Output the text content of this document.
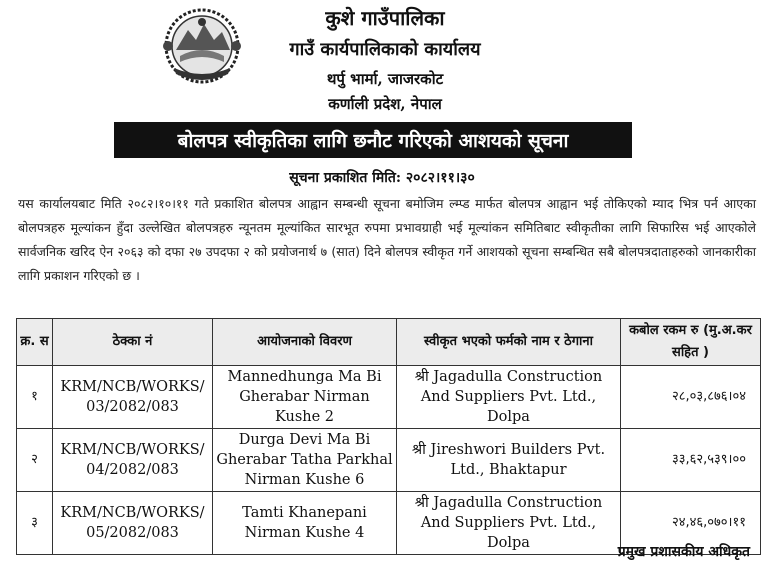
कुशे गाउँपालिका
गाउँ कार्यपालिकाको कार्यालय
थर्पु भार्मा, जाजरकोट
कर्णाली प्रदेश, नेपाल
बोलपत्र स्वीकृतिका लागि छनौट गरिएको आशयको सूचना
सूचना प्रकाशित मिति: २०८२।११।३०
यस कार्यालयबाट मिति २०८२।१०।११ गते प्रकाशित बोलपत्र आह्वान सम्बन्धी सूचना बमोजिम ल्म्प्ड मार्फत बोलपत्र आह्वान भई तोकिएको म्याद भित्र पर्न आएका बोलपत्रहरु मूल्यांकन हुँदा उल्लेखित बोलपत्रहरु न्यूनतम मूल्यांकित सारभूत रुपमा प्रभावग्राही भई मूल्यांकन समितिबाट स्वीकृतीका लागि सिफारिस भई आएकोले सार्वजनिक खरिद ऐन २०६३ को दफा २७ उपदफा २ को प्रयोजनार्थ ७ (सात) दिने बोलपत्र स्वीकृत गर्ने आशयको सूचना सम्बन्धित सबै बोलपत्रदाताहरुको जानकारीका लागि प्रकाशन गरिएको छ ।
क्र. स	ठेक्का नं	आयोजनाको विवरण	स्वीकृत भएको फर्मको नाम र ठेगाना	कबोल रकम रु (मु.अ.कर सहित )
१	KRM/NCB/WORKS/ 03/2082/083	Mannedhunga Ma Bi Gherabar Nirman Kushe 2	श्री Jagadulla Construction And Suppliers Pvt. Ltd., Dolpa	२८,०३,८७६।०४
२	KRM/NCB/WORKS/ 04/2082/083	Durga Devi Ma Bi Gherabar Tatha Parkhal Nirman Kushe 6	श्री Jireshwori Builders Pvt. Ltd., Bhaktapur	३३,६२,५३९।००
३	KRM/NCB/WORKS/ 05/2082/083	Tamti Khanepani Nirman Kushe 4	श्री Jagadulla Construction And Suppliers Pvt. Ltd., Dolpa	२४,४६,०७०।११
प्रमुख प्रशासकीय अधिकृत
